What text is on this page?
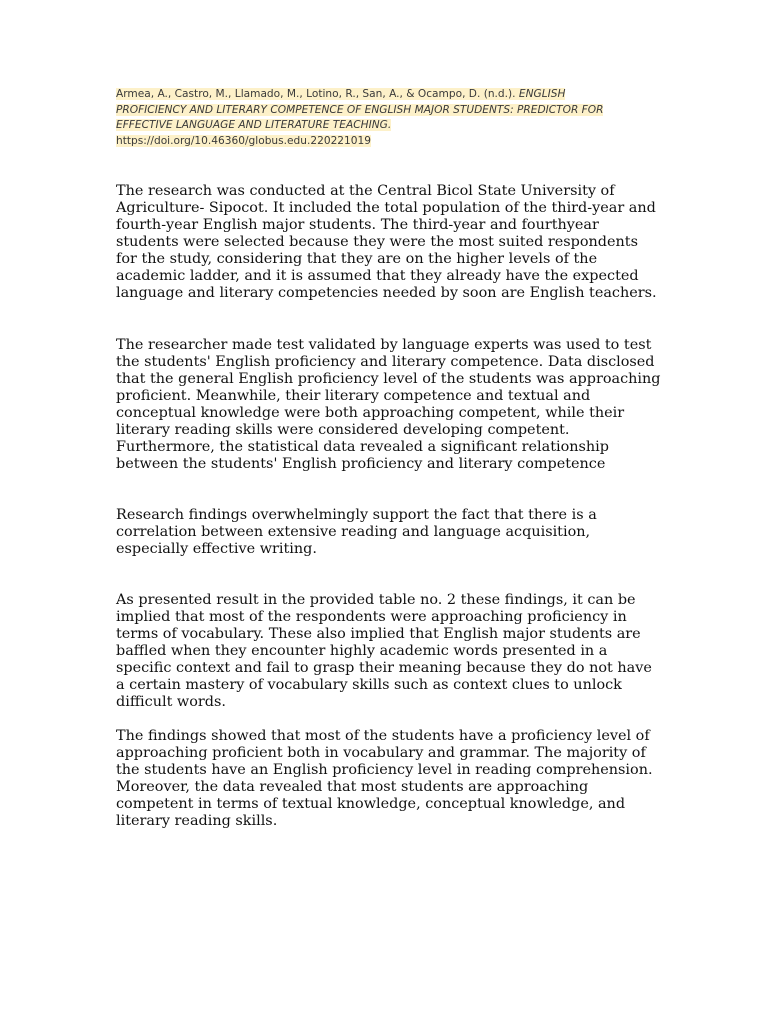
Armea, A., Castro, M., Llamado, M., Lotino, R., San, A., & Ocampo, D. (n.d.). ENGLISH PROFICIENCY AND LITERARY COMPETENCE OF ENGLISH MAJOR STUDENTS: PREDICTOR FOR EFFECTIVE LANGUAGE AND LITERATURE TEACHING.
https://doi.org/10.46360/globus.edu.220221019

The research was conducted at the Central Bicol State University of Agriculture- Sipocot. It included the total population of the third-year and fourth-year English major students. The third-year and fourthyear students were selected because they were the most suited respondents for the study, considering that they are on the higher levels of the academic ladder, and it is assumed that they already have the expected language and literary competencies needed by soon are English teachers.

The researcher made test validated by language experts was used to test the students' English proficiency and literary competence. Data disclosed that the general English proficiency level of the students was approaching proficient. Meanwhile, their literary competence and textual and conceptual knowledge were both approaching competent, while their literary reading skills were considered developing competent. Furthermore, the statistical data revealed a significant relationship between the students' English proficiency and literary competence

Research findings overwhelmingly support the fact that there is a correlation between extensive reading and language acquisition, especially effective writing.

As presented result in the provided table no. 2 these findings, it can be implied that most of the respondents were approaching proficiency in terms of vocabulary. These also implied that English major students are baffled when they encounter highly academic words presented in a specific context and fail to grasp their meaning because they do not have a certain mastery of vocabulary skills such as context clues to unlock difficult words.

The findings showed that most of the students have a proficiency level of approaching proficient both in vocabulary and grammar. The majority of the students have an English proficiency level in reading comprehension. Moreover, the data revealed that most students are approaching competent in terms of textual knowledge, conceptual knowledge, and literary reading skills.
